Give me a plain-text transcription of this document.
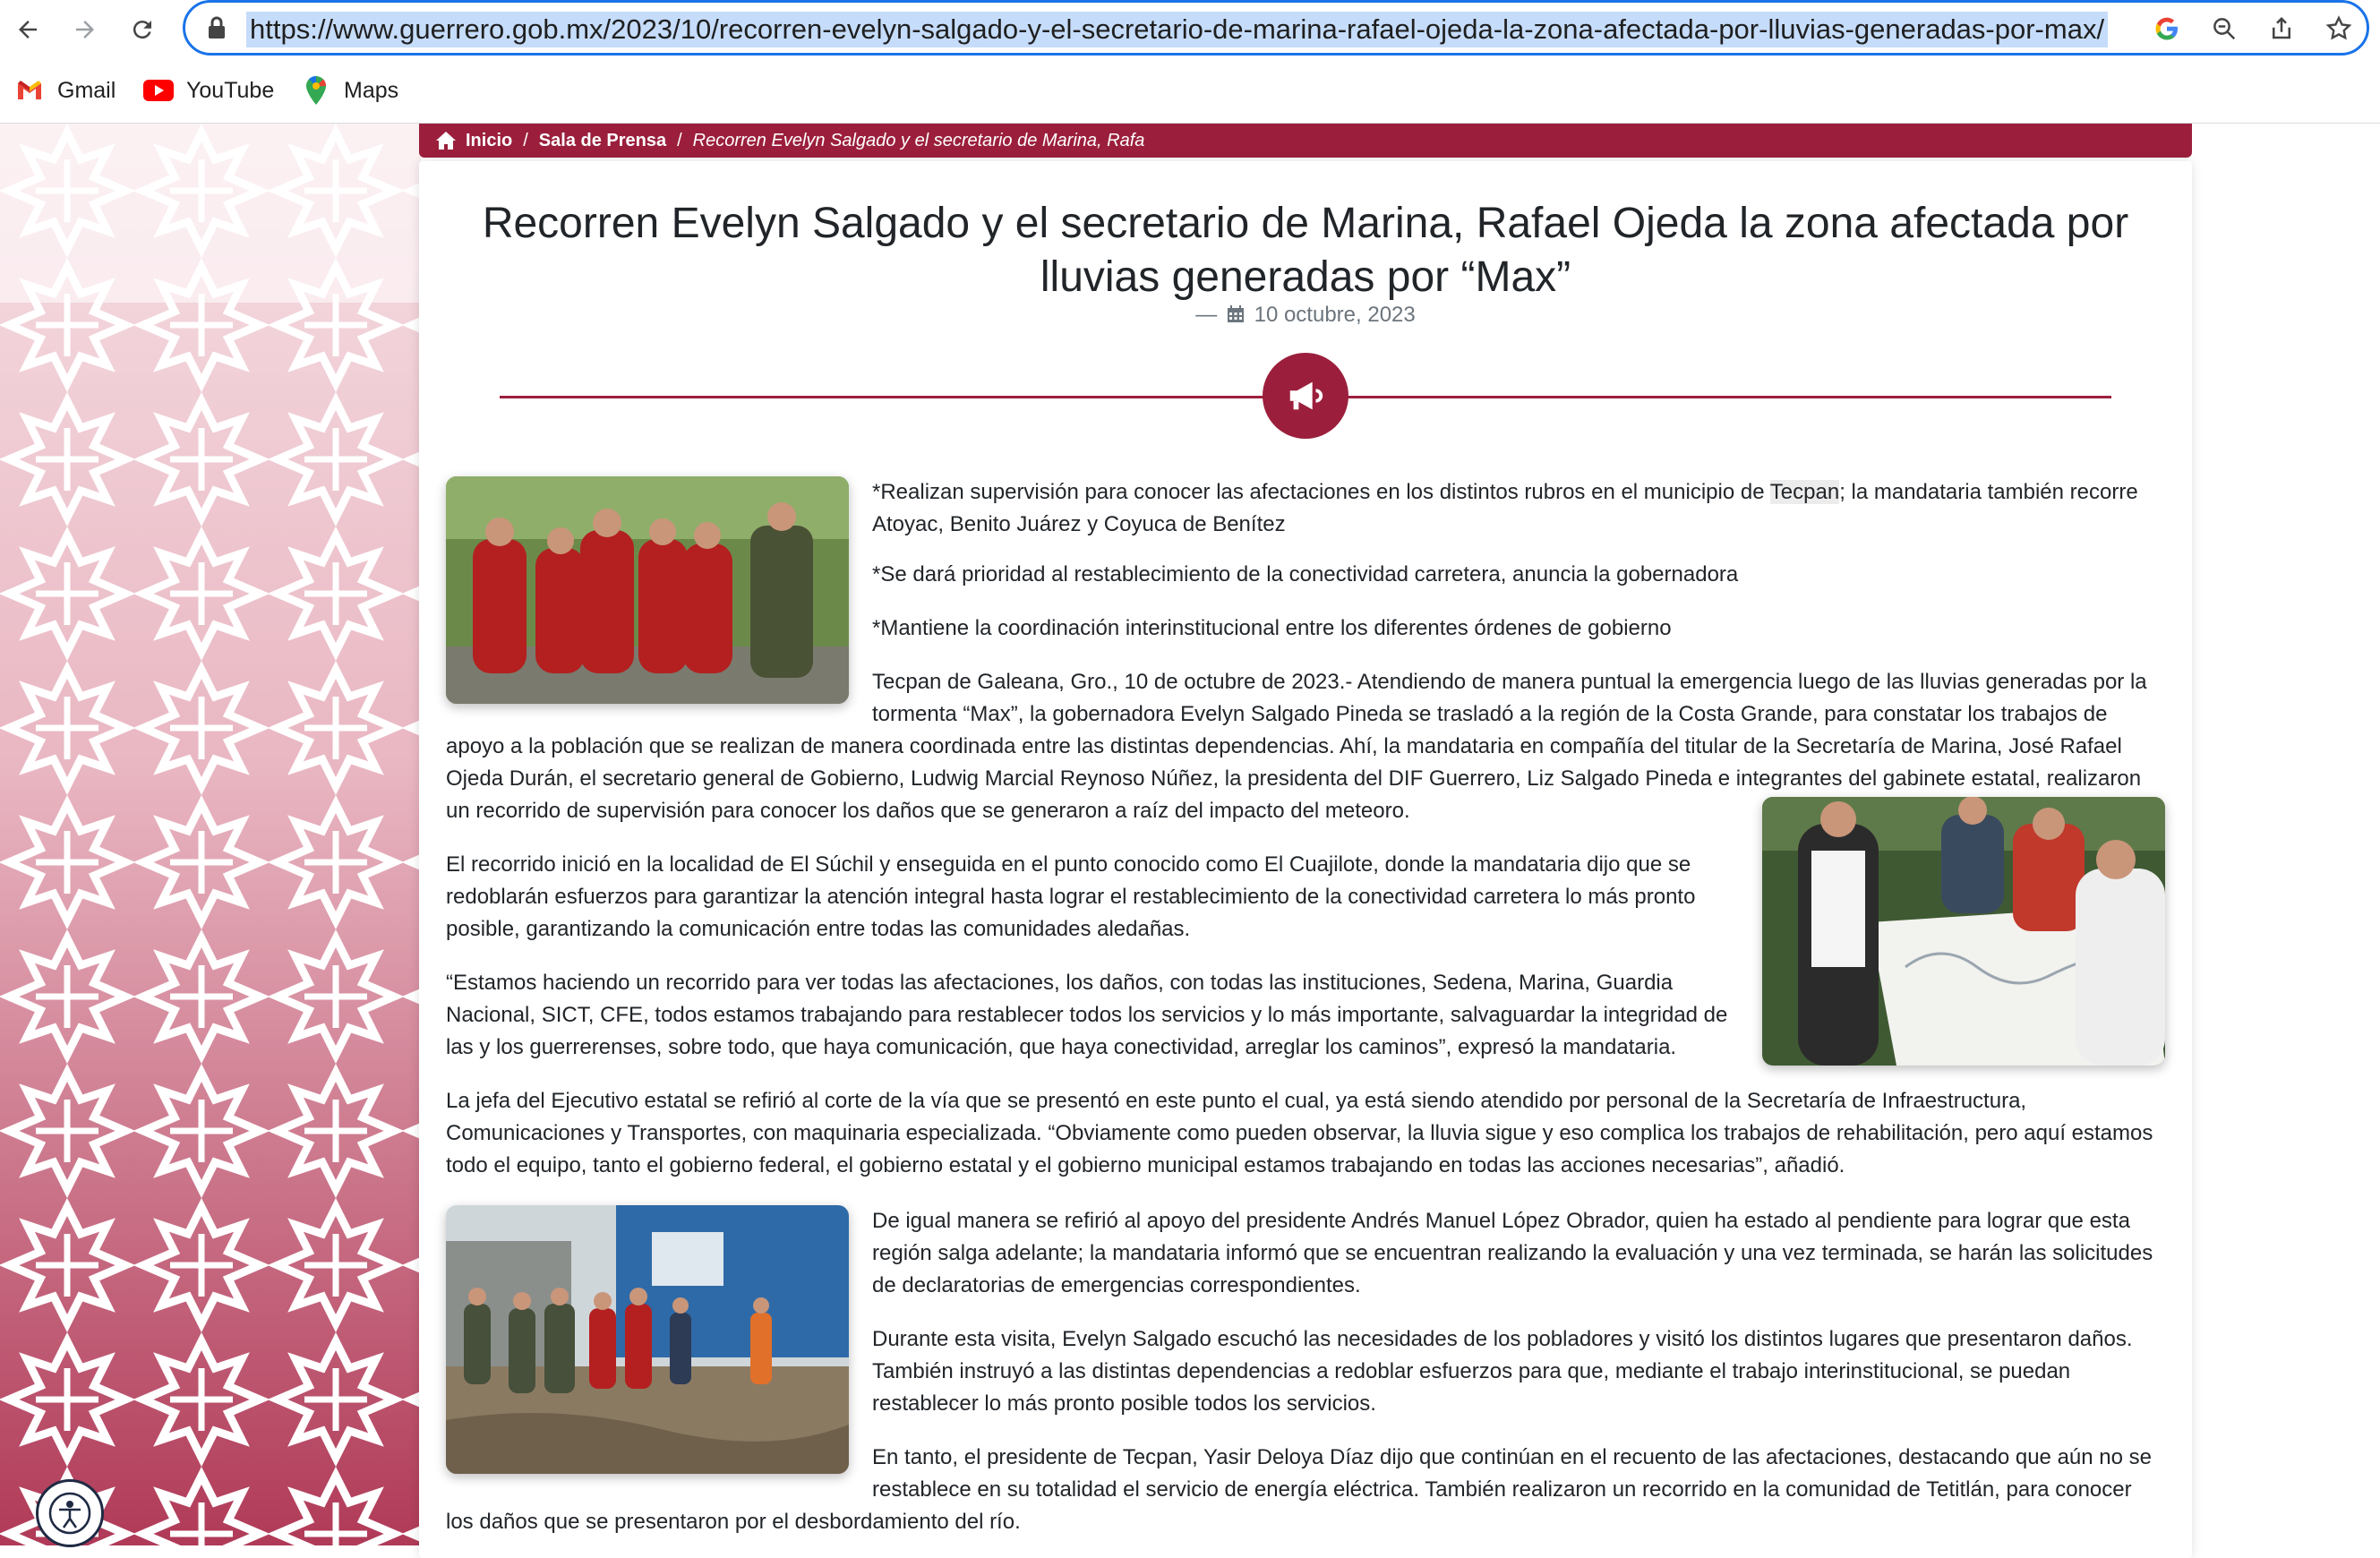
https://www.guerrero.gob.mx/2023/10/recorren-evelyn-salgado-y-el-secretario-de-marina-rafael-ojeda-la-zona-afectada-por-lluvias-generadas-por-max/
Gmail	YouTube	Maps
Inicio / Sala de Prensa / Recorren Evelyn Salgado y el secretario de Marina, Rafa
Recorren Evelyn Salgado y el secretario de Marina, Rafael Ojeda la zona afectada por lluvias generadas por “Max”
— 10 octubre, 2023

*Realizan supervisión para conocer las afectaciones en los distintos rubros en el municipio de Tecpan; la mandataria también recorre Atoyac, Benito Juárez y Coyuca de Benítez

*Se dará prioridad al restablecimiento de la conectividad carretera, anuncia la gobernadora

*Mantiene la coordinación interinstitucional entre los diferentes órdenes de gobierno

Tecpan de Galeana, Gro., 10 de octubre de 2023.- Atendiendo de manera puntual la emergencia luego de las lluvias generadas por la

tormenta “Max”, la gobernadora Evelyn Salgado Pineda se trasladó a la región de la Costa Grande, para constatar los trabajos de

apoyo a la población que se realizan de manera coordinada entre las distintas dependencias. Ahí, la mandataria en compañía del titular de la Secretaría de Marina, José Rafael

Ojeda Durán, el secretario general de Gobierno, Ludwig Marcial Reynoso Núñez, la presidenta del DIF Guerrero, Liz Salgado Pineda e integrantes del gabinete estatal, realizaron

un recorrido de supervisión para conocer los daños que se generaron a raíz del impacto del meteoro.

El recorrido inició en la localidad de El Súchil y enseguida en el punto conocido como El Cuajilote, donde la mandataria dijo que se redoblarán esfuerzos para garantizar la atención integral hasta lograr el restablecimiento de la conectividad carretera lo más pronto posible, garantizando la comunicación entre todas las comunidades aledañas.

“Estamos haciendo un recorrido para ver todas las afectaciones, los daños, con todas las instituciones, Sedena, Marina, Guardia Nacional, SICT, CFE, todos estamos trabajando para restablecer todos los servicios y lo más importante, salvaguardar la integridad de las y los guerrerenses, sobre todo, que haya comunicación, que haya conectividad, arreglar los caminos”, expresó la mandataria.

La jefa del Ejecutivo estatal se refirió al corte de la vía que se presentó en este punto el cual, ya está siendo atendido por personal de la Secretaría de Infraestructura, Comunicaciones y Transportes, con maquinaria especializada. “Obviamente como pueden observar, la lluvia sigue y eso complica los trabajos de rehabilitación, pero aquí estamos todo el equipo, tanto el gobierno federal, el gobierno estatal y el gobierno municipal estamos trabajando en todas las acciones necesarias”, añadió.

De igual manera se refirió al apoyo del presidente Andrés Manuel López Obrador, quien ha estado al pendiente para lograr que esta región salga adelante; la mandataria informó que se encuentran realizando la evaluación y una vez terminada, se harán las solicitudes de declaratorias de emergencias correspondientes.

Durante esta visita, Evelyn Salgado escuchó las necesidades de los pobladores y visitó los distintos lugares que presentaron daños. También instruyó a las distintas dependencias a redoblar esfuerzos para que, mediante el trabajo interinstitucional, se puedan restablecer lo más pronto posible todos los servicios.

En tanto, el presidente de Tecpan, Yasir Deloya Díaz dijo que continúan en el recuento de las afectaciones, destacando que aún no se

restablece en su totalidad el servicio de energía eléctrica. También realizaron un recorrido en la comunidad de Tetitlán, para conocer

los daños que se presentaron por el desbordamiento del río.
